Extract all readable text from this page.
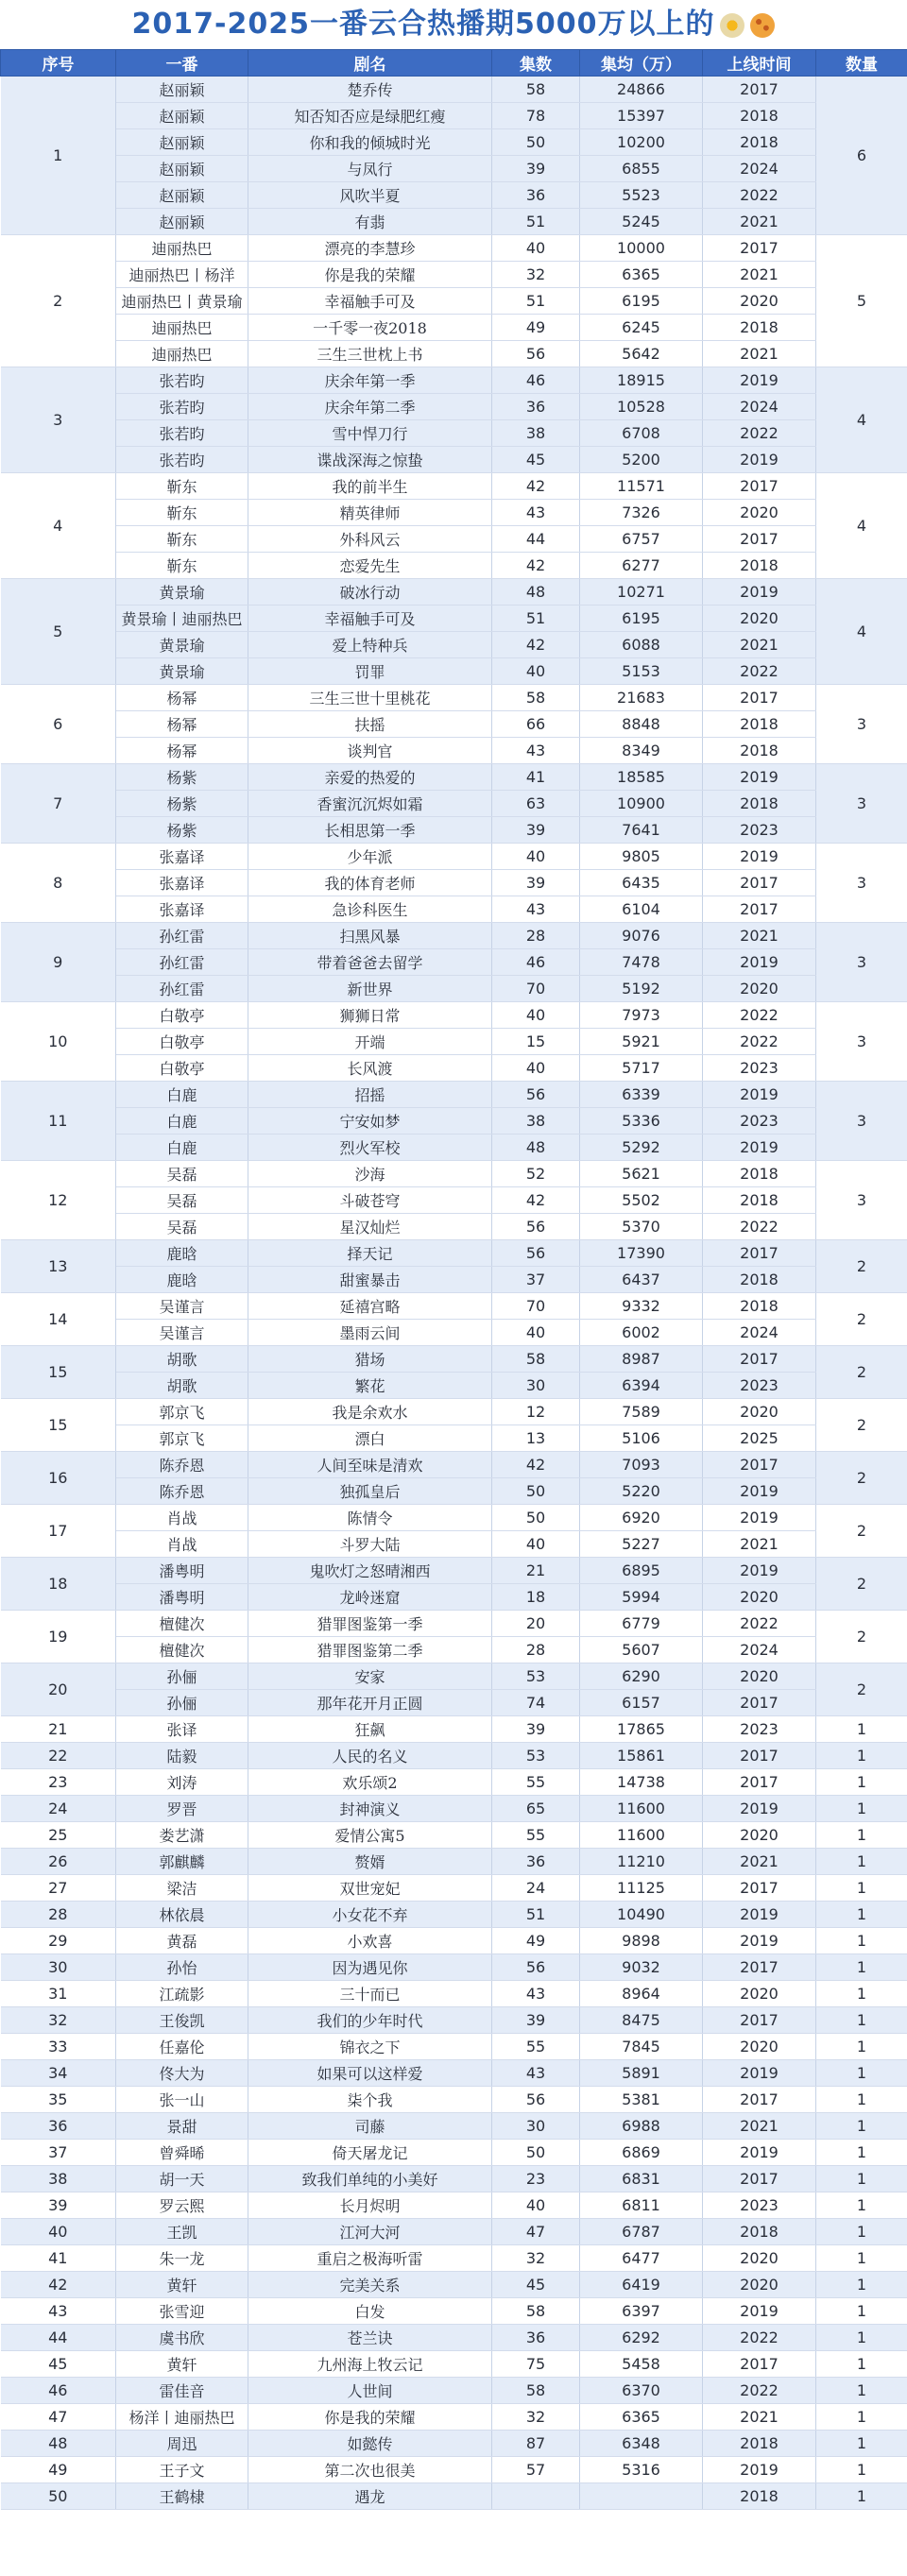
2017-2025一番云合热播期5000万以上的
序号	一番	剧名	集数	集均（万）	上线时间	数量
1	赵丽颖	楚乔传	58	24866	2017	6
	赵丽颖	知否知否应是绿肥红瘦	78	15397	2018	
	赵丽颖	你和我的倾城时光	50	10200	2018	
	赵丽颖	与凤行	39	6855	2024	
	赵丽颖	风吹半夏	36	5523	2022	
	赵丽颖	有翡	51	5245	2021	
2	迪丽热巴	漂亮的李慧珍	40	10000	2017	5
	迪丽热巴丨杨洋	你是我的荣耀	32	6365	2021	
	迪丽热巴丨黄景瑜	幸福触手可及	51	6195	2020	
	迪丽热巴	一千零一夜2018	49	6245	2018	
	迪丽热巴	三生三世枕上书	56	5642	2021	
3	张若昀	庆余年第一季	46	18915	2019	4
	张若昀	庆余年第二季	36	10528	2024	
	张若昀	雪中悍刀行	38	6708	2022	
	张若昀	谍战深海之惊蛰	45	5200	2019	
4	靳东	我的前半生	42	11571	2017	4
	靳东	精英律师	43	7326	2020	
	靳东	外科风云	44	6757	2017	
	靳东	恋爱先生	42	6277	2018	
5	黄景瑜	破冰行动	48	10271	2019	4
	黄景瑜丨迪丽热巴	幸福触手可及	51	6195	2020	
	黄景瑜	爱上特种兵	42	6088	2021	
	黄景瑜	罚罪	40	5153	2022	
6	杨幂	三生三世十里桃花	58	21683	2017	3
	杨幂	扶摇	66	8848	2018	
	杨幂	谈判官	43	8349	2018	
7	杨紫	亲爱的热爱的	41	18585	2019	3
	杨紫	香蜜沉沉烬如霜	63	10900	2018	
	杨紫	长相思第一季	39	7641	2023	
8	张嘉译	少年派	40	9805	2019	3
	张嘉译	我的体育老师	39	6435	2017	
	张嘉译	急诊科医生	43	6104	2017	
9	孙红雷	扫黑风暴	28	9076	2021	3
	孙红雷	带着爸爸去留学	46	7478	2019	
	孙红雷	新世界	70	5192	2020	
10	白敬亭	狮狮日常	40	7973	2022	3
	白敬亭	开端	15	5921	2022	
	白敬亭	长风渡	40	5717	2023	
11	白鹿	招摇	56	6339	2019	3
	白鹿	宁安如梦	38	5336	2023	
	白鹿	烈火军校	48	5292	2019	
12	吴磊	沙海	52	5621	2018	3
	吴磊	斗破苍穹	42	5502	2018	
	吴磊	星汉灿烂	56	5370	2022	
13	鹿晗	择天记	56	17390	2017	2
	鹿晗	甜蜜暴击	37	6437	2018	
14	吴谨言	延禧宫略	70	9332	2018	2
	吴谨言	墨雨云间	40	6002	2024	
15	胡歌	猎场	58	8987	2017	2
	胡歌	繁花	30	6394	2023	
15	郭京飞	我是余欢水	12	7589	2020	2
	郭京飞	漂白	13	5106	2025	
16	陈乔恩	人间至味是清欢	42	7093	2017	2
	陈乔恩	独孤皇后	50	5220	2019	
17	肖战	陈情令	50	6920	2019	2
	肖战	斗罗大陆	40	5227	2021	
18	潘粤明	鬼吹灯之怒晴湘西	21	6895	2019	2
	潘粤明	龙岭迷窟	18	5994	2020	
19	檀健次	猎罪图鉴第一季	20	6779	2022	2
	檀健次	猎罪图鉴第二季	28	5607	2024	
20	孙俪	安家	53	6290	2020	2
	孙俪	那年花开月正圆	74	6157	2017	
21	张译	狂飙	39	17865	2023	1
22	陆毅	人民的名义	53	15861	2017	1
23	刘涛	欢乐颂2	55	14738	2017	1
24	罗晋	封神演义	65	11600	2019	1
25	娄艺潇	爱情公寓5	55	11600	2020	1
26	郭麒麟	赘婿	36	11210	2021	1
27	梁洁	双世宠妃	24	11125	2017	1
28	林依晨	小女花不弃	51	10490	2019	1
29	黄磊	小欢喜	49	9898	2019	1
30	孙怡	因为遇见你	56	9032	2017	1
31	江疏影	三十而已	43	8964	2020	1
32	王俊凯	我们的少年时代	39	8475	2017	1
33	任嘉伦	锦衣之下	55	7845	2020	1
34	佟大为	如果可以这样爱	43	5891	2019	1
35	张一山	柒个我	56	5381	2017	1
36	景甜	司藤	30	6988	2021	1
37	曾舜晞	倚天屠龙记	50	6869	2019	1
38	胡一天	致我们单纯的小美好	23	6831	2017	1
39	罗云熙	长月烬明	40	6811	2023	1
40	王凯	江河大河	47	6787	2018	1
41	朱一龙	重启之极海听雷	32	6477	2020	1
42	黄轩	完美关系	45	6419	2020	1
43	张雪迎	白发	58	6397	2019	1
44	虞书欣	苍兰诀	36	6292	2022	1
45	黄轩	九州海上牧云记	75	5458	2017	1
46	雷佳音	人世间	58	6370	2022	1
47	杨洋丨迪丽热巴	你是我的荣耀	32	6365	2021	1
48	周迅	如懿传	87	6348	2018	1
49	王子文	第二次也很美	57	5316	2019	1
50	王鹤棣	遇龙			2018	1
